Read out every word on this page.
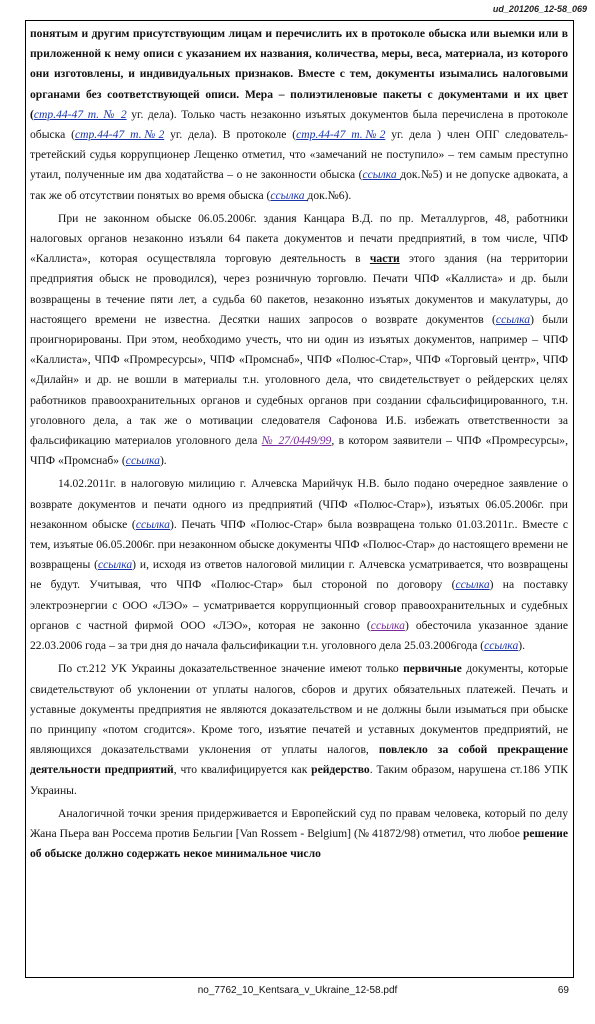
ud_201206_12-58_069

понятым и другим присутствующим лицам и перечислить их в протоколе обыска или выемки или в приложенной к нему описи с указанием их названия, количества, меры, веса, материала, из которого они изготовлены, и индивидуальных признаков. Вместе с тем, документы изымались налоговыми органами без соответствующей описи. Мера – полиэтиленовые пакеты с документами и их цвет (стр.44-47 т. № 2 уг. дела). Только часть незаконно изъятых документов была перечислена в протоколе обыска (стр.44-47 т.№2 уг. дела). В протоколе (стр.44-47 т.№2 уг. дела ) член ОПГ следователь-третейский судья коррупционер Лещенко отметил, что «замечаний не поступило» – тем самым преступно утаил, полученные им два ходатайства – о не законности обыска (ссылка док.№5) и не допуске адвоката, а так же об отсутствии понятых во время обыска (ссылка док.№6).

При не законном обыске 06.05.2006г. здания Канцара В.Д. по пр. Металлургов, 48, работники налоговых органов незаконно изъяли 64 пакета документов и печати предприятий, в том числе, ЧПФ «Каллиста», которая осуществляла торговую деятельность в части этого здания (на территории предприятия обыск не проводился), через розничную торговлю. Печати ЧПФ «Каллиста» и др. были возвращены в течение пяти лет, а судьба 60 пакетов, незаконно изъятых документов и макулатуры, до настоящего времени не известна. Десятки наших запросов о возврате документов (ссылка) были проигнорированы. При этом, необходимо учесть, что ни один из изъятых документов, например – ЧПФ «Каллиста», ЧПФ «Промресурсы», ЧПФ «Промснаб», ЧПФ «Полюс-Стар», ЧПФ «Торговый центр», ЧПФ «Дилайн» и др. не вошли в материалы т.н. уголовного дела, что свидетельствует о рейдерских целях работников правоохранительных органов и судебных органов при создании сфальсифицированного, т.н. уголовного дела, а так же о мотивации следователя Сафонова И.Б. избежать ответственности за фальсификацию материалов уголовного дела № 27/0449/99, в котором заявители – ЧПФ «Промресурсы», ЧПФ «Промснаб» (ссылка).

14.02.2011г. в налоговую милицию г. Алчевска Марийчук Н.В. было подано очередное заявление о возврате документов и печати одного из предприятий (ЧПФ «Полюс-Стар»), изъятых 06.05.2006г. при незаконном обыске (ссылка). Печать ЧПФ «Полюс-Стар» была возвращена только 01.03.2011г.. Вместе с тем, изъятые 06.05.2006г. при незаконном обыске документы ЧПФ «Полюс-Стар» до настоящего времени не возвращены (ссылка) и, исходя из ответов налоговой милиции г. Алчевска усматривается, что возвращены не будут. Учитывая, что ЧПФ «Полюс-Стар» был стороной по договору (ссылка) на поставку электроэнергии с ООО «ЛЭО» – усматривается коррупционный сговор правоохранительных и судебных органов с частной фирмой ООО «ЛЭО», которая не законно (ссылка) обесточила указанное здание 22.03.2006 года – за три дня до начала фальсификации т.н. уголовного дела 25.03.2006года (ссылка).

По ст.212 УК Украины доказательственное значение имеют только первичные документы, которые свидетельствуют об уклонении от уплаты налогов, сборов и других обязательных платежей. Печать и уставные документы предприятия не являются доказательством и не должны были изыматься при обыске по принципу «потом сгодится». Кроме того, изъятие печатей и уставных документов предприятий, не являющихся доказательствами уклонения от уплаты налогов, повлекло за собой прекращение деятельности предприятий, что квалифицируется как рейдерство. Таким образом, нарушена ст.186 УПК Украины.

Аналогичной точки зрения придерживается и Европейский суд по правам человека, который по делу Жана Пьера ван Россема против Бельгии [Van Rossem - Belgium] (№ 41872/98) отметил, что любое решение об обыске должно содержать некое минимальное число

no_7762_10_Kentsara_v_Ukraine_12-58.pdf	69
